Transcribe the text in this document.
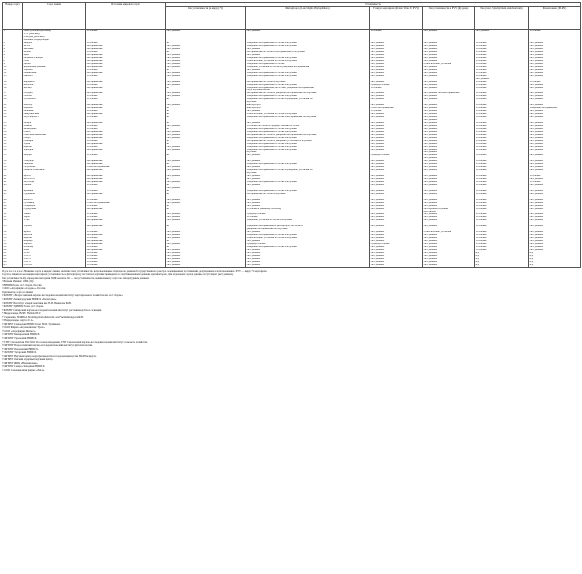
Номер сорта	Сорт, линия	Источник мирового пула	Устойчивость					
			Ген устойчивости (к вирусу Y)	Фитофтороз (Late blight, Phytophthora)	Y вирус картофеля (Potato Virus Y, PVY)	Ген устойчивости к PVY (Ry gene)	Рак (wart, Synchytrium endobioticum)	Ризоктониоз (PLRV)
1	Лина (Великобритания)	Устойчив	Нет данных	Нет данных	Устойчив	Нет данных	Нет данных	Устойчив
	1/71 (Москва)							
	2-ой ряд (Москва)							
	Росинка, Нидерланды							
2	Аврора	Устойчив	Rl	Умеренно восприимчив по ботве и клубням	Нет данных	Нет данных	Устойчив	Нет данных
3	Агата	Восприимчив	Нет данных	Умеренно восприимчив по ботве и клубням	Нет данных	Нет данных	Устойчив	Нет данных
4	Аксения	Восприимчив	Нет данных	Нет данных	Нет данных	Нет данных	Устойчив	Нет данных
5	Алёна	Устойчив	Rl	Восприимчив по ботве и восприимчив по клубням	Нет данных	Нет данных	Устойчив	Нет данных
6	Бриз	Восприимчив	Нет данных	Нет данных	Нет данных	Нет данных	Устойчив	Нет данных
7	Великан Сибири	Восприимчив	Нет данных	Умеренно восприимчив по ботве и клубням	Нет данных	Нет данных	Устойчив	Нет данных
8	Гала	Восприимчив	Нет данных	Относительно устойчив по ботве и клубням	Нет данных	Нет данных	Устойчив	Нет данных
9	Дебют	Восприимчив	Нет данных	Умеренно восприимчив по ботве	Нет данных	Относительно устойчив	Устойчив	Нет данных
10	Жуковский ранний	Восприимчив	Нет данных	Умеренно устойчив по ботве и умеренно восприимчив	Нет данных	Нет данных	Устойчив	Нет данных
11	Зорачка	Устойчив	Rl	Нет данных	Нет данных	Нет данных	Устойчив	Нет данных
12	Ильинский	Восприимчив	Нет данных	Умеренно восприимчив по ботве и клубням	Нет данных	Нет данных	Устойчив	Нет данных
13	Импала	Устойчив	Нет данных	Умеренно восприимчив по ботве и клубням	Нет данных	Нет данных	Устойчив	Нет данных
							Нет данных	
14	Кардинал	Восприимчив	Нет данных	Восприимчив по ботве и клубням	Нет данных	Нет данных	Устойчив	Устойчив
15	Колобок	Устойчив	Нет данных	Умеренно восприимчив по ботве и клубням	Среднеустойчив	Нет данных	Устойчив	Нет данных
16	Космос	Восприимчив	Rl	Умеренно восприимчив, но к гене, умеренно восприимчив	Устойчив	Нет данных	Устойчив	Нет данных
				сорт, клубням малая				
17	Лазурит	Восприимчив	Нет данных	Восприимчив по ботве и умеренно восприимчив по клубням	Нет данных	Нет данных, маловосприимчив	Устойчив	Нет данных
18	Латона	Устойчив	Нет данных	Умеренно восприимчив по ботве и клубням	Нет данных	Нет данных	Устойчив	Нет данных
19	Луговской	Устойчив	Rl	Умеренно восприимчив по ботве и умеренно устойчив по	Нет данных	Нет данных	Устойчив	Нет данных
				клубням				
20	Метеор	Восприимчив	Нет данных	Фитофтороз	Нет данных	Нет данных	Устойчив	Нет данных
21	Милена	Восприимчив	Rl	Фитофтороз	Слабо восприимчив	Нет данных	Устойчив	Умеренно восприимчив
22	Невский	Устойчив	Rl	Нет данных	Устойчив	Нет данных	Устойчив	Нет данных
23	Никулинский	Восприимчив	Rl	Относительно устойчив по ботве и клубням	Нет данных	Нет данных	Устойчив	Нет данных
24	Ред Скарлетт	Устойчив	Rl	Умеренно восприимчив по ботве и восприимчив по клубням	Нет данных	Нет данных	Устойчив	Нет данных
						Нет данных		
25	Резерв	Восприимчив	Rl	Нет данных	Нет данных	Нет данных	Устойчив	Нет данных
26	Романо	Устойчив	Нет данных	Устойчив по ботве и среднеустойчив по ботве	Нет данных	Нет данных	Устойчив	Нет данных
27	Рябинушка	Устойчив	Rl	Умеренно восприимчив по ботве и клубням	Нет данных	Нет данных	Устойчив	Нет данных
28	Санте	Восприимчив	Нет данных	Умеренно восприимчив по ботве и клубням	Нет данных	Нет данных	Устойчив	Нет данных
29	Свитанок киевский	Восприимчив	Нет данных	Восприимчив по ботве и умеренно восприимчив по клубням	Нет данных	Нет данных	Устойчив	Нет данных
30	Скарб	Восприимчив	Нет данных	Умеренно восприимчив по ботве и клубням	Нет данных	Нет данных	Устойчив	Нет данных
31	Снегирь	Устойчив	Rl	Восприимчив по ботве и умеренно устойчив по клубням	Нет данных	Нет данных	Устойчив	Нет данных
32	Удача	Восприимчив	Rl	Умеренно восприимчив по ботве и клубням	Нет данных	Нет данных	Устойчив	Нет данных
33	Фреско	Устойчив	Нет данных	Умеренно восприимчив по ботве и клубням	Нет данных	Нет данных	Устойчив	Нет данных
34	Чародей	Восприимчив	Нет данных	Умеренно восприимчив по ботве и клубням	Нет данных	Нет данных	Устойчив	Нет данных
				клубням		Нет данных		
35	Шерри	Устойчив	Rl	Нет данных	Среднеустойчив	Нет данных	Устойчив	Нет данных
						Нет данных		
36	Элмундо	Восприимчив	Нет данных	Нет данных	Нет данных	Нет данных	Устойчив	Нет данных
37	Невская	Восприимчив	Rl	Умеренно восприимчив по ботве и клубням	Нет данных	Нет данных	Устойчив	Нет данных
38	Голубизна	Слабо восприимчив	Нет данных	Нет данных	Нет данных	Нет данных	Устойчив	Нет данных
39	Памяти Осиповой	Восприимчив	Нет данных	Умеренно восприимчив по ботве и умеренно устойчив по	Нет данных	Нет данных	Устойчив	Нет данных
				клубням				
40	Ароза	Восприимчив	Нет данных	Нет данных	Нет данных	Нет данных	Устойчив	Устойчив
41	Бел Россо	Восприимчив	Rl	Нет данных	Нет данных	Нет данных	Устойчив	Нет данных
42	Ред Леди	Восприимчив	Нет данных	Умеренно восприимчив по ботве и клубням	Нет данных	Нет данных	Устойчив	Устойчив
43	Сынок	Устойчив	Rl	Нет данных	Нет данных	Нет данных	Устойчив	Нет данных
			Нет данных					
44	Крепыш	Устойчив	Rl	Умеренно восприимчив по ботве и клубням	Нет данных	Нет данных	Устойчив	Нет данных
45	Сударыня	Восприимчив	Rl	Восприимчив по ботве и клубням	Нет данных	Нет данных	Устойчив	Нет данных

46	Колетте	Устойчив	Нет данных	Нет данных	Нет данных	Нет данных	Устойчив	Нет данных
47	Гулливер	Слабо восприимчив	Нет данных	Нет данных	Нет данных	Нет данных	Устойчив	Нет данных
48	Спиридон	Устойчив	Rl	Нет данных	Нет данных	Нет данных	Устойчив	Нет данных
49	Сударушка	Восприимчив	Rl	Устойчив к раковому патогену	Нет данных	Не поражается раком	Устойчив	Нет данных
						патотипом		
50	Тайна	Устойчив	Нет данных	Среднеустойчив	Нет данных	Нет данных	Устойчив	Нет данных
51	Тирас	Устойчив	Нет данных	Устойчив	Нет данных	Нет данных	Устойчив	Нет данных
52	Утро	Восприимчив	Нет данных	Умеренно устойчив по ботве и клубням	Нет данных	Нет данных	Устойчив	Нет данных

53	Удалец	Восприимчив	Rl	Умеренно восприимчив и фитофтороз по ботве и	Нет данных	Нет данных	Устойчив	Нет данных
				умеренно восприимчив по клубням				
54	Кумач	Устойчив	Нет данных	Нет данных	Нет данных	Относительно устойчив	Устойчив	Нет данных
55	Метель	Восприимчив	Нет данных	Умеренно восприимчив по ботве и клубням	Нет данных	Нет данных	Устойчив	Нет данных
56	Фреско	Устойчив	Нет данных	Относительно устойчив по ботве и клубням	Нет данных	Нет данных	Устойчив	Нет данных
57	Фермер	Восприимчив	Rl	Нет данных	Нет данных	Нет данных	Устойчив	Нет данных
58	Чароит	Восприимчив	Нет данных	Среднеустойчив	Среднеустойчив	Нет данных	Устойчив	Нет данных
59	Юбиляр	Устойчив	Rl	Умеренно восприимчив по ботве и клубням	Нет данных	Нет данных	Устойчив	Нет данных
60	Юна	Восприимчив	Нет данных	Нет данных	Нет данных	Нет данных	Устойчив	Нет данных
61	20 4С	Устойчив	Нет данных	Нет данных	Нет данных	Нет данных	н/д	н/д
62	1-30 а	Устойчив	Нет данных	Нет данных	Нет данных	Нет данных	н/д	н/д
63	2-45 а	Устойчив	Нет данных	Нет данных	Нет данных	Нет данных	н/д	н/д
64	3-12 а	Устойчив	Нет данных	Нет данных	Нет данных	Нет данных	н/д	н/д
65	5-10 26	Устойчив	Нет данных	Нет данных	Нет данных	Нет данных	н/д	н/д
П р и м е ч а н и е. Название сорта и индекс линии, наличие гена устойчивости, использованные образцы по данным Государственного реестра селекционных достижений, допущенных к использованию. PVY — вирус Y картофеля.
Сорта и линии из коллекции картофеля; устойчивость к фитофторозу по ботве и клубням приведена по опубликованным данным оригинаторов. Для отдельных сортов данные отсутствуют (нет данных).
Ген устойчивости Ry определён методами ПЦР-анализа. Rl — ген устойчивости, выявленный у сорта по литературным данным.
¹ Вильям Иннинг, 1999 (19).
² ВНИИКХ им. А.Г. Лорха, Россия.
³ ООО «Агрофирма «Седек»», Россия.
Оригинатор сорта и линии:
⁴ ФГБНУ «Всероссийский научно-исследовательский институт картофельного хозяйства им. А.Г. Лорха».
⁵ ФГБНУ Ленинградский НИИСХ «Белогорка».
⁶ ФГБНУ Институт общей генетики им. Н.И. Вавилова РАН.
⁷ ФГБНУ УрНИИСХ им. А.Г. Лорха.
⁸ ФГБНУ Сибирский научно-исследовательский институт растениеводства и селекции.
⁹ Нидерланды, HZPC Holland B.V.
¹⁰ Германия, NORIKA Nordring-Kartoffelzucht- und Vermehrungs-GmbH.
¹¹ Нидерланды, Agrico U.A.
¹² ФГБНУ Самарский НИИСХ им. Н.М. Тулайкова.
¹³ ООО Фирма «Агрокомплекс Урал».
¹⁴ ООО «Агрофирма Бизнес».
¹⁵ ФГБНУ Кемеровский НИИСХ.
¹⁶ ФГБНУ Уральский НИИСХ.
¹⁷ ГНУ Смоленская ГОСХОС Россельхозакадемии, ГНУ Смоленский научно-исследовательский институт сельского хозяйства.
¹⁸ ФГБНУ Всероссийский научно-исследовательский институт фитопатологии.
¹⁹ ФГБНУ Пензенский НИИСХ.
²⁰ ФГБНУ Татарский НИИСХ.
²¹ ФГБНУ Научный центр картофелеводства и плодоовощеводства НАН Беларуси.
²² ФГБНУ Омский аграрный научный центр.
²³ ФГБНУ ФИЦ «Немчиновка».
²⁴ ФГБНУ Северо-Западный НИИСХ.
²⁵ ООО Селекционная фирма «Лига».
